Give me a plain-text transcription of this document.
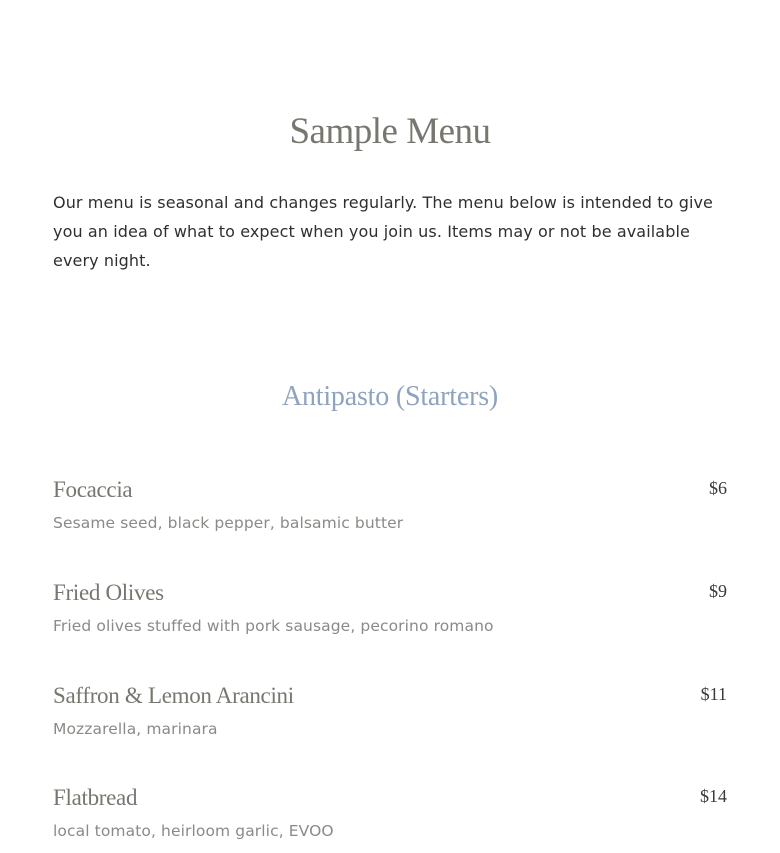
Sample Menu

Our menu is seasonal and changes regularly. The menu below is intended to give you an idea of what to expect when you join us. Items may or not be available every night.

Antipasto (Starters)
Focaccia	$6
Sesame seed, black pepper, balsamic butter
Fried Olives	$9
Fried olives stuffed with pork sausage, pecorino romano
Saffron & Lemon Arancini	$11
Mozzarella, marinara
Flatbread	$14
local tomato, heirloom garlic, EVOO
